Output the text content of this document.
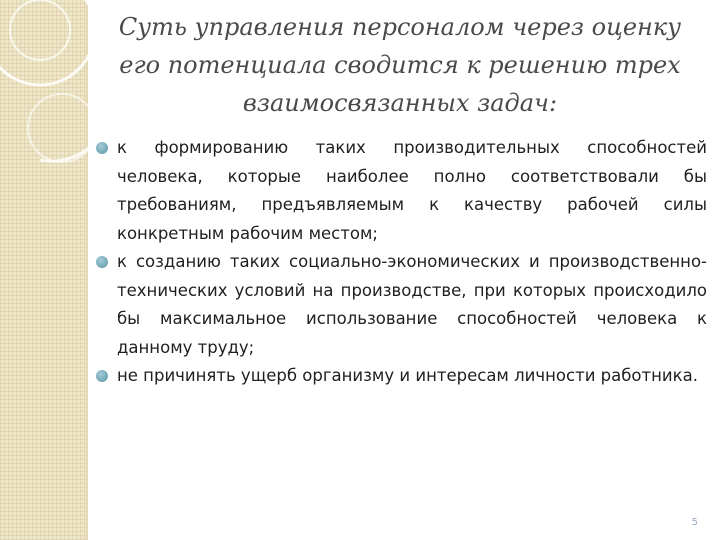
Суть управления персоналом через оценку
его потенциала сводится к решению трех
взаимосвязанных задач:

к формированию таких производительных способностей человека, которые наиболее полно соответствовали бы требованиям, предъявляемым к качеству рабочей силы конкретным рабочим местом;

к созданию таких социально-экономических и производственно-технических условий на производстве, при которых происходило бы максимальное использование способностей человека к данному труду;

не причинять ущерб организму и интересам личности работника.

5
